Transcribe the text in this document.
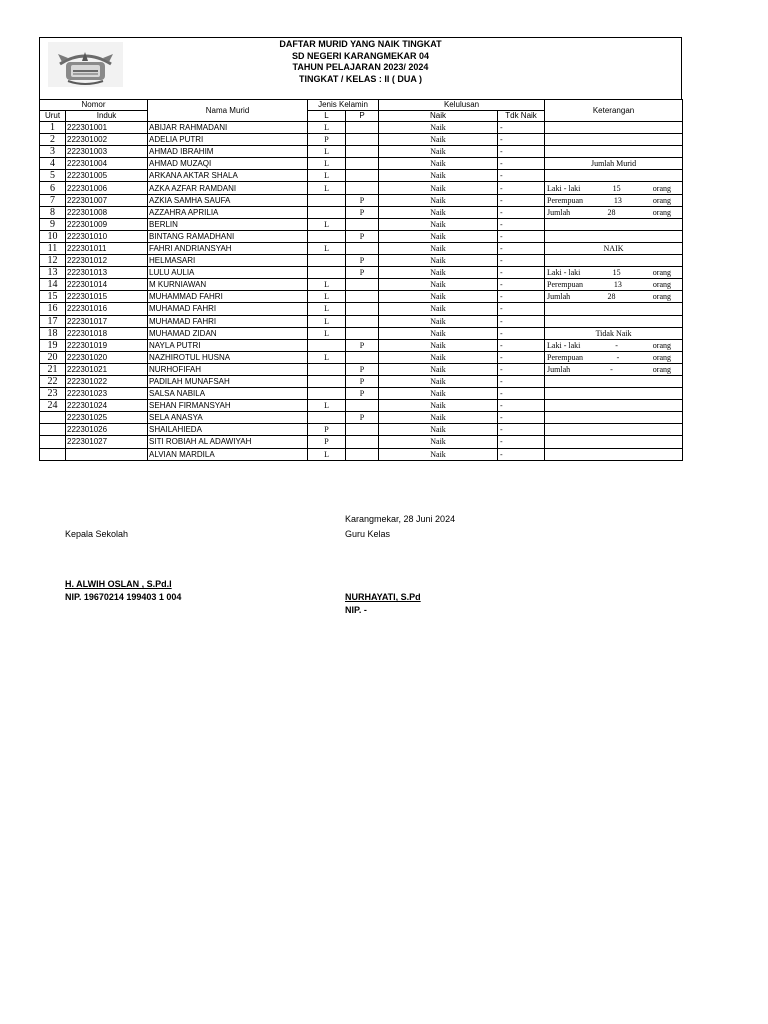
DAFTAR MURID YANG NAIK TINGKAT
SD NEGERI KARANGMEKAR 04
TAHUN PELAJARAN 2023/ 2024
TINGKAT / KELAS : II ( DUA )
Nomor		Nama Murid	Jenis Kelamin		Kelulusan		Keterangan
Urut	Induk		L	P	Naik	Tdk Naik	
1	222301001	ABIJAR RAHMADANI	L		Naik	-	
2	222301002	ADELIA PUTRI	P		Naik	-	
3	222301003	AHMAD IBRAHIM	L		Naik	-	
4	222301004	AHMAD MUZAQI	L		Naik	-	Jumlah Murid

5	222301005	ARKANA AKTAR SHALA	L		Naik	-	
6	222301006	AZKA AZFAR RAMDANI	L		Naik	-	Laki - laki 15 orang

7	222301007	AZKIA SAMHA SAUFA		P	Naik	-	Perempuan 13 orang

8	222301008	AZZAHRA APRILIA		P	Naik	-	Jumlah 28 orang

9	222301009	BERLIN	L		Naik	-	
10	222301010	BINTANG RAMADHANI		P	Naik	-	
11	222301011	FAHRI ANDRIANSYAH	L		Naik	-	NAIK

12	222301012	HELMASARI		P	Naik	-	
13	222301013	LULU AULIA		P	Naik	-	Laki - laki 15 orang

14	222301014	M KURNIAWAN	L		Naik	-	Perempuan 13 orang

15	222301015	MUHAMMAD FAHRI	L		Naik	-	Jumlah 28 orang

16	222301016	MUHAMAD FAHRI	L		Naik	-	
17	222301017	MUHAMAD FAHRI	L		Naik	-	
18	222301018	MUHAMAD ZIDAN	L		Naik	-	Tidak Naik

19	222301019	NAYLA PUTRI		P	Naik	-	Laki - laki - orang

20	222301020	NAZHIROTUL HUSNA	L		Naik	-	Perempuan - orang

21	222301021	NURHOFIFAH		P	Naik	-	Jumlah - orang

22	222301022	PADILAH MUNAFSAH		P	Naik	-	
23	222301023	SALSA NABILA		P	Naik	-	
24	222301024	SEHAN FIRMANSYAH	L		Naik	-	
	222301025	SELA ANASYA		P	Naik	-	
	222301026	SHAILAHIEDA	P		Naik	-	
	222301027	SITI ROBIAH AL ADAWIYAH	P		Naik	-	
		ALVIAN MARDILA	L		Naik	-	
Karangmekar, 28 Juni 2024
Kepala Sekolah	Guru Kelas
H. ALWIH OSLAN , S.Pd.I
NIP. 19670214 199403 1 004	NURHAYATI, S.Pd
NIP. -
